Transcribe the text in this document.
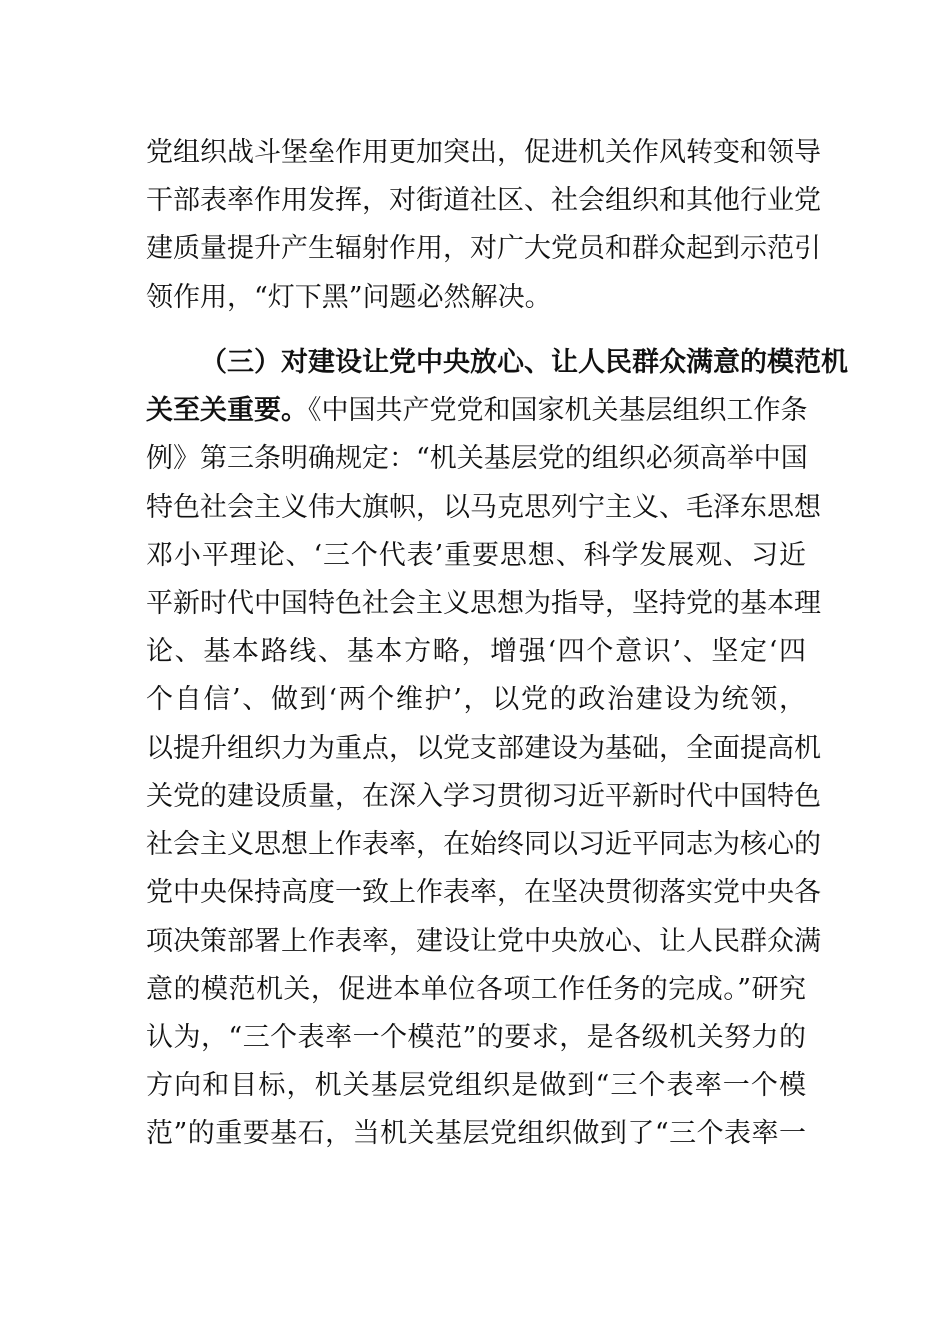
党组织战斗堡垒作用更加突出，促进机关作风转变和领导
干部表率作用发挥，对街道社区、社会组织和其他行业党
建质量提升产生辐射作用，对广大党员和群众起到示范引
领作用，“灯下黑”问题必然解决。
（三）对建设让党中央放心、让人民群众满意的模范机
关至关重要。《中国共产党党和国家机关基层组织工作条
例》第三条明确规定：“机关基层党的组织必须高举中国
特色社会主义伟大旗帜，以马克思列宁主义、毛泽东思想
邓小平理论、‘三个代表’重要思想、科学发展观、习近
平新时代中国特色社会主义思想为指导，坚持党的基本理
论、基本路线、基本方略，增强‘四个意识’、坚定‘四
个自信’、做到‘两个维护’，以党的政治建设为统领，
以提升组织力为重点，以党支部建设为基础，全面提高机
关党的建设质量，在深入学习贯彻习近平新时代中国特色
社会主义思想上作表率，在始终同以习近平同志为核心的
党中央保持高度一致上作表率，在坚决贯彻落实党中央各
项决策部署上作表率，建设让党中央放心、让人民群众满
意的模范机关，促进本单位各项工作任务的完成。”研究
认为，“三个表率一个模范”的要求，是各级机关努力的
方向和目标，机关基层党组织是做到“三个表率一个模
范”的重要基石，当机关基层党组织做到了“三个表率一
